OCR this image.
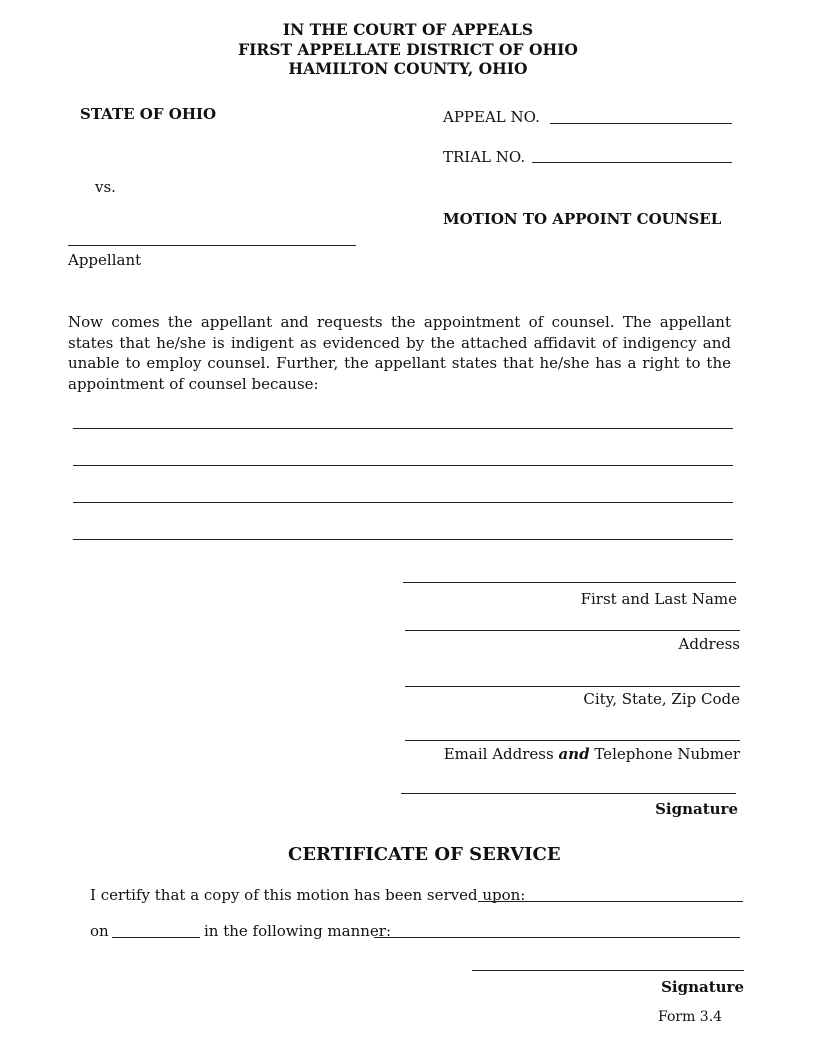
IN THE COURT OF APPEALS
FIRST APPELLATE DISTRICT OF OHIO
HAMILTON COUNTY, OHIO
STATE OF OHIO
vs.
Appellant
APPEAL NO.
TRIAL NO.
MOTION TO APPOINT COUNSEL
Now comes the appellant and requests the appointment of counsel. The appellant states that he/she is indigent as evidenced by the attached affidavit of indigency and unable to employ counsel. Further, the appellant states that he/she has a right to the appointment of counsel because:
First and Last Name
Address
City, State, Zip Code
Email Address and Telephone Nubmer
Signature
CERTIFICATE OF SERVICE
I certify that a copy of this motion has been served upon:
on	in the following manner:
Signature
Form 3.4
